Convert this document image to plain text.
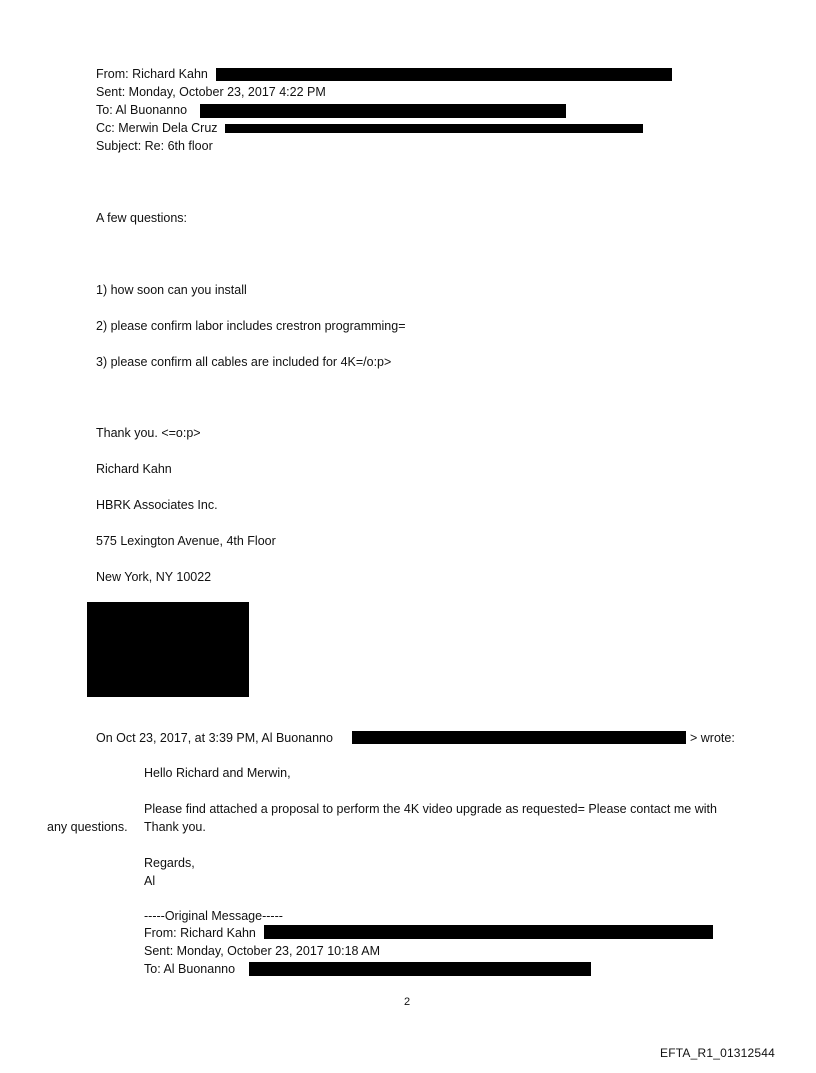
From: Richard Kahn
Sent: Monday, October 23, 2017 4:22 PM
To: Al Buonanno
Cc: Merwin Dela Cruz
Subject: Re: 6th floor
A few questions:
1) how soon can you install
2) please confirm labor includes crestron programming=
3) please confirm all cables are included for 4K=/o:p>
Thank you. <=o:p>
Richard Kahn
HBRK Associates Inc.
575 Lexington Avenue, 4th Floor
New York, NY 10022
On Oct 23, 2017, at 3:39 PM, Al Buonanno	> wrote:
Hello Richard and Merwin,
Please find attached a proposal to perform the 4K video upgrade as requested= Please contact me with
any questions. Thank you.
Regards,
Al
-----Original Message-----
From: Richard Kahn
Sent: Monday, October 23, 2017 10:18 AM
To: Al Buonanno
2
EFTA_R1_01312544
